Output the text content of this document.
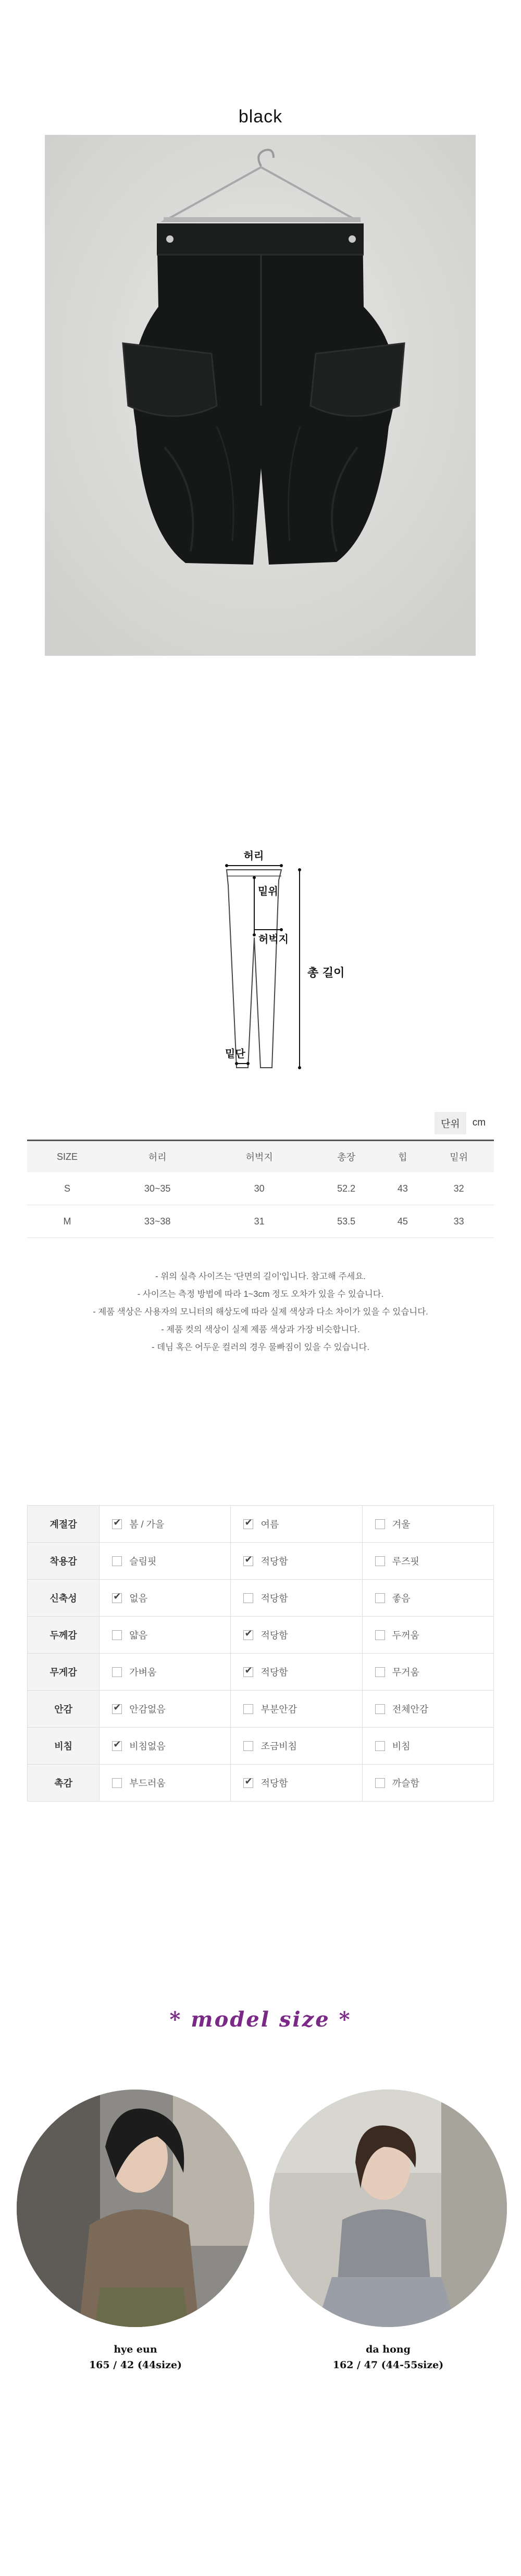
black
허리
밑위
허벅지
총 길이
밑단
단위	cm
SIZE	허리	허벅지	총장	힙	밑위
S	30~35	30	52.2	43	32
M	33~38	31	53.5	45	33
- 위의 실측 사이즈는 '단면의 길이'입니다. 참고해 주세요.
- 사이즈는 측정 방법에 따라 1~3cm 정도 오차가 있을 수 있습니다.
- 제품 색상은 사용자의 모니터의 해상도에 따라 실제 색상과 다소 차이가 있을 수 있습니다.
- 제품 컷의 색상이 실제 제품 색상과 가장 비슷합니다.
- 데님 혹은 어두운 컬러의 경우 물빠짐이 있을 수 있습니다.
계절감	✔봄 / 가을	✔여름	겨울
착용감	슬림핏	✔적당함	루즈핏
신축성	✔없음	적당함	좋음
두께감	얇음	✔적당함	두꺼움
무게감	가벼움	✔적당함	무거움
안감	✔안감없음	부분안감	전체안감
비침	✔비침없음	조금비침	비침
촉감	부드러움	✔적당함	까슬함
* model size *
hye eun
165 / 42 (44size)
da hong
162 / 47 (44-55size)
